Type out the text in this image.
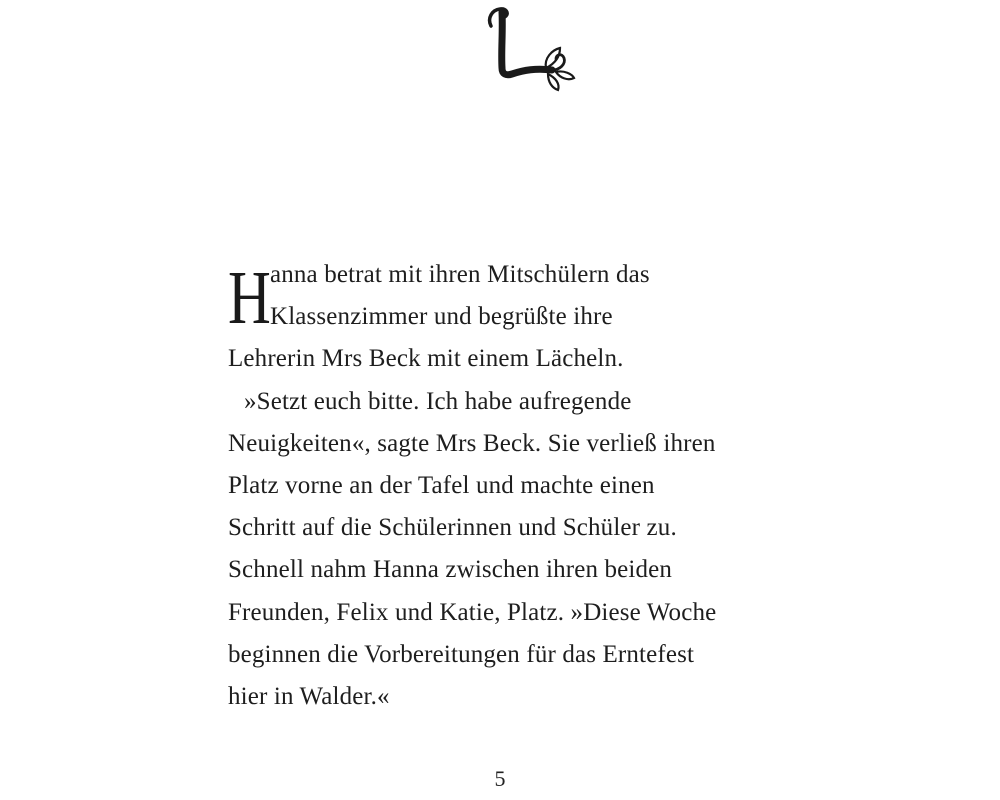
H anna betrat mit ihren Mitschülern das
Klassenzimmer und begrüßte ihre
Lehrerin Mrs Beck mit einem Lächeln.
»Setzt euch bitte. Ich habe aufregende
Neuigkeiten«, sagte Mrs Beck. Sie verließ ihren
Platz vorne an der Tafel und machte einen
Schritt auf die Schülerinnen und Schüler zu.
Schnell nahm Hanna zwischen ihren beiden
Freunden, Felix und Katie, Platz. »Diese Woche
beginnen die Vorbereitungen für das Erntefest
hier in Walder.«
5
